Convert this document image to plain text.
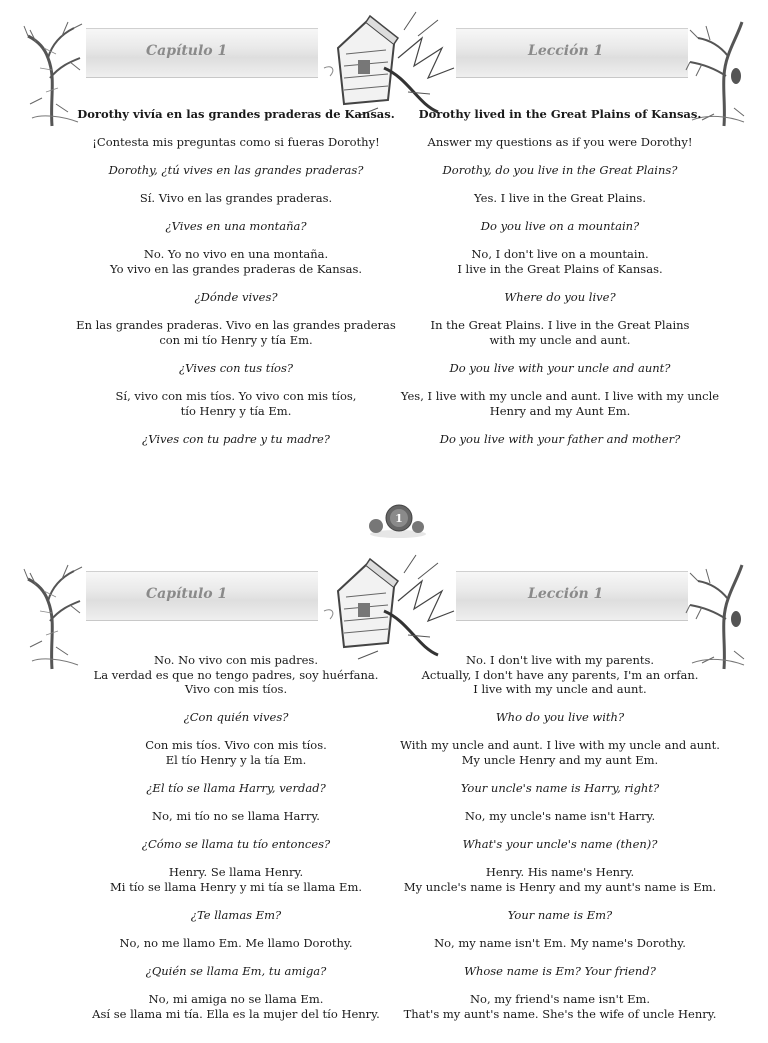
Capítulo 1	Lección 1

Dorothy vivía en las grandes praderas de Kansas.

¡Contesta mis preguntas como si fueras Dorothy!

Dorothy, ¿tú vives en las grandes praderas?

Sí. Vivo en las grandes praderas.

¿Vives en una montaña?

No. Yo no vivo en una montaña.
Yo vivo en las grandes praderas de Kansas.

¿Dónde vives?

En las grandes praderas. Vivo en las grandes praderas
con mi tío Henry y tía Em.

¿Vives con tus tíos?

Sí, vivo con mis tíos. Yo vivo con mis tíos,
tío Henry y tía Em.

¿Vives con tu padre y tu madre?

Dorothy lived in the Great Plains of Kansas.

Answer my questions as if you were Dorothy!

Dorothy, do you live in the Great Plains?

Yes. I live in the Great Plains.

Do you live on a mountain?

No, I don't live on a mountain.
I live in the Great Plains of Kansas.

Where do you live?

In the Great Plains. I live in the Great Plains
with my uncle and aunt.

Do you live with your uncle and aunt?

Yes, I live with my uncle and aunt. I live with my uncle
Henry and my Aunt Em.

Do you live with your father and mother?

1
Capítulo 1	Lección 1

No. No vivo con mis padres.
La verdad es que no tengo padres, soy huérfana.
Vivo con mis tíos.

¿Con quién vives?

Con mis tíos. Vivo con mis tíos.
El tío Henry y la tía Em.

¿El tío se llama Harry, verdad?

No, mi tío no se llama Harry.

¿Cómo se llama tu tío entonces?

Henry. Se llama Henry.
Mi tío se llama Henry y mi tía se llama Em.

¿Te llamas Em?

No, no me llamo Em. Me llamo Dorothy.

¿Quién se llama Em, tu amiga?

No, mi amiga no se llama Em.
Así se llama mi tía. Ella es la mujer del tío Henry.

No. I don't live with my parents.
Actually, I don't have any parents, I'm an orfan.
I live with my uncle and aunt.

Who do you live with?

With my uncle and aunt. I live with my uncle and aunt.
My uncle Henry and my aunt Em.

Your uncle's name is Harry, right?

No, my uncle's name isn't Harry.

What's your uncle's name (then)?

Henry. His name's Henry.
My uncle's name is Henry and my aunt's name is Em.

Your name is Em?

No, my name isn't Em. My name's Dorothy.

Whose name is Em? Your friend?

No, my friend's name isn't Em.
That's my aunt's name. She's the wife of uncle Henry.
